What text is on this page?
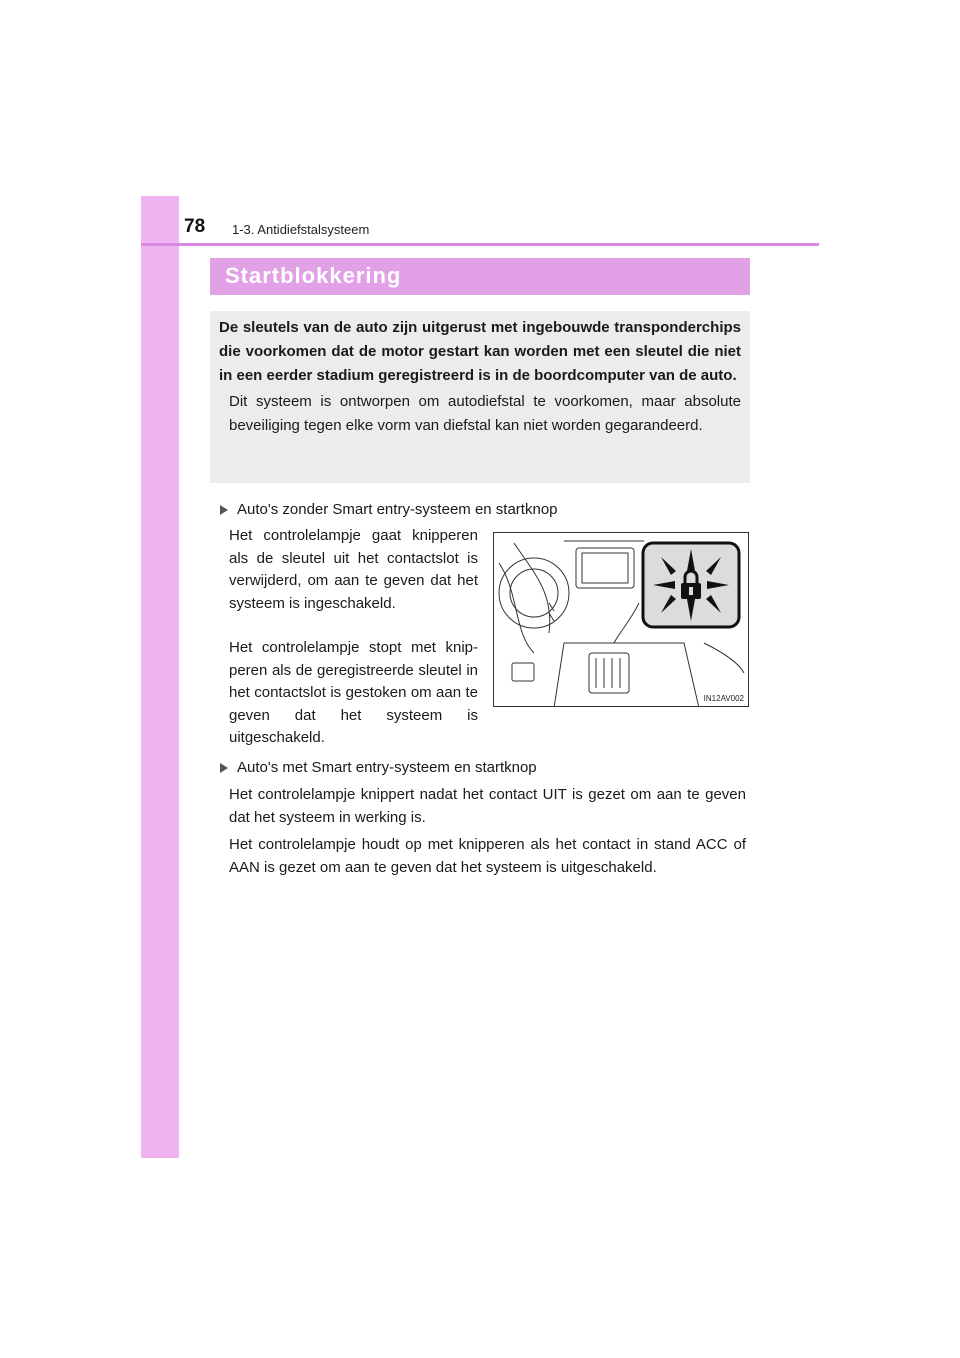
78 1-3. Antidiefstalsysteem
Startblokkering

De sleutels van de auto zijn uitgerust met ingebouwde transponderchips die voorkomen dat de motor gestart kan worden met een sleutel die niet in een eerder stadium geregistreerd is in de boordcomputer van de auto.

Dit systeem is ontworpen om autodiefstal te voorkomen, maar absolute beveiliging tegen elke vorm van diefstal kan niet worden gegarandeerd.

Auto's zonder Smart entry-systeem en startknop

Het controlelampje gaat knipperen als de sleutel uit het contactslot is verwijderd, om aan te geven dat het systeem is ingeschakeld.

Het controlelampje stopt met knipperen als de geregistreerde sleutel in het contactslot is gestoken om aan te geven dat het systeem is uitgeschakeld.

IN12AV002
Auto's met Smart entry-systeem en startknop

Het controlelampje knippert nadat het contact UIT is gezet om aan te geven dat het systeem in werking is.

Het controlelampje houdt op met knipperen als het contact in stand ACC of AAN is gezet om aan te geven dat het systeem is uitgeschakeld.
